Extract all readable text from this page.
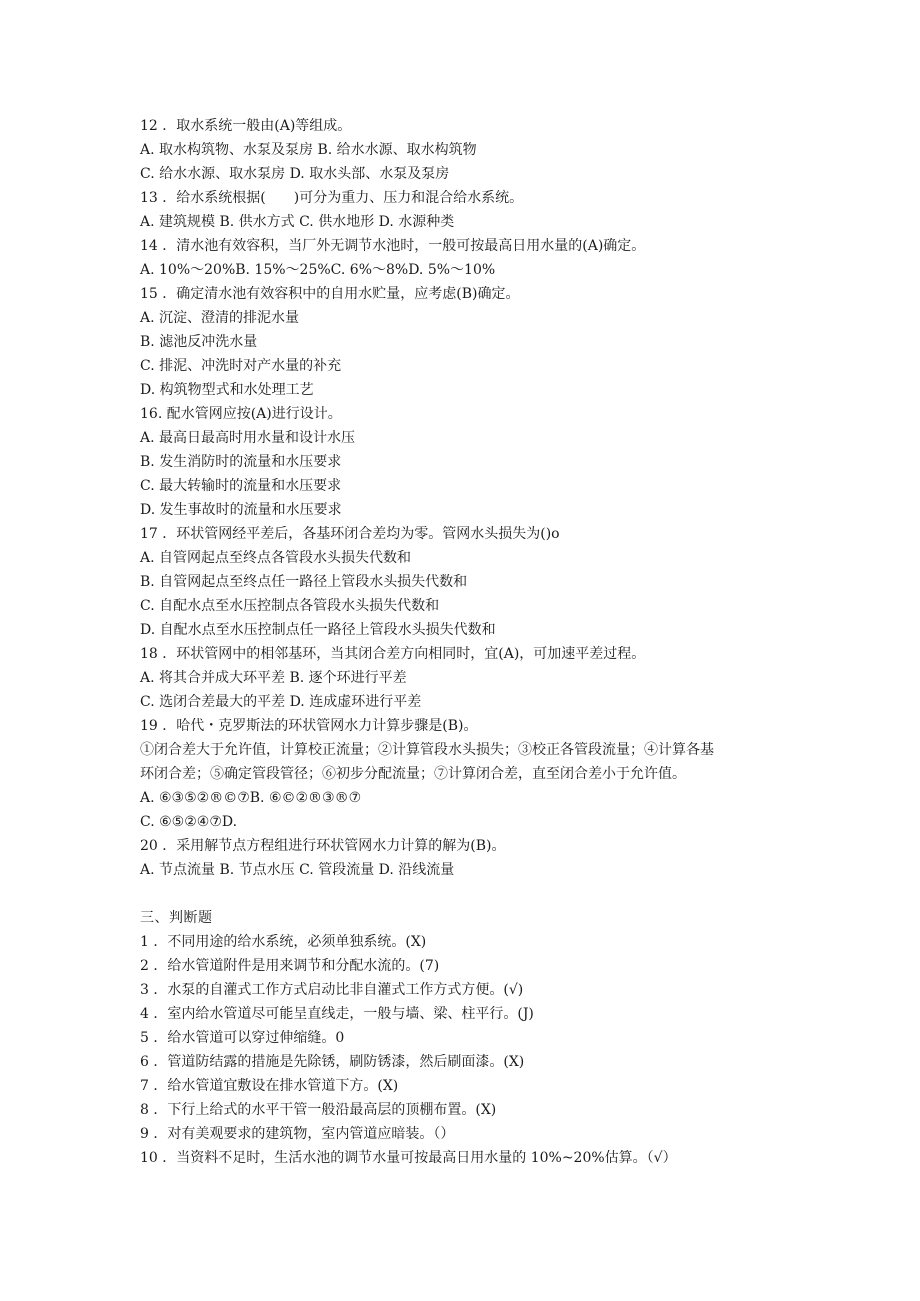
12 ．取水系统一般由(A)等组成。
A. 取水构筑物、水泵及泵房 B. 给水水源、取水构筑物
C. 给水水源、取水泵房 D. 取水头部、水泵及泵房
13 ．给水系统根据(　　)可分为重力、压力和混合给水系统。
A. 建筑规模 B. 供水方式 C. 供水地形 D. 水源种类
14 ．清水池有效容积，当厂外无调节水池时，一般可按最高日用水量的(A)确定。
A. 10%～20%B. 15%～25%C. 6%～8%D. 5%～10%
15 ．确定清水池有效容积中的自用水贮量，应考虑(B)确定。
A. 沉淀、澄清的排泥水量
B. 滤池反冲洗水量
C. 排泥、冲洗时对产水量的补充
D. 构筑物型式和水处理工艺
16. 配水管网应按(A)进行设计。
A. 最高日最高时用水量和设计水压
B. 发生消防时的流量和水压要求
C. 最大转输时的流量和水压要求
D. 发生事故时的流量和水压要求
17 ．环状管网经平差后，各基环闭合差均为零。管网水头损失为()o
A. 自管网起点至终点各管段水头损失代数和
B. 自管网起点至终点任一路径上管段水头损失代数和
C. 自配水点至水压控制点各管段水头损失代数和
D. 自配水点至水压控制点任一路径上管段水头损失代数和
18 ．环状管网中的相邻基环，当其闭合差方向相同时，宜(A)，可加速平差过程。
A. 将其合并成大环平差 B. 逐个环进行平差
C. 选闭合差最大的平差 D. 连成虚环进行平差
19 ．哈代・克罗斯法的环状管网水力计算步骤是(B)。
①闭合差大于允许值，计算校正流量；②计算管段水头损失；③校正各管段流量；④计算各基
环闭合差；⑤确定管段管径；⑥初步分配流量；⑦计算闭合差，直至闭合差小于允许值。
A. ⑥③⑤②®©⑦B. ⑥©②®③®⑦
C. ⑥⑤②④⑦D.
20 ．采用解节点方程组进行环状管网水力计算的解为(B)。
A. 节点流量 B. 节点水压 C. 管段流量 D. 沿线流量
三、判断题
1 ．不同用途的给水系统，必须单独系统。(X)
2 ．给水管道附件是用来调节和分配水流的。(7)
3 ．水泵的自灌式工作方式启动比非自灌式工作方式方便。(√)
4 ．室内给水管道尽可能呈直线走，一般与墙、梁、柱平行。(J)
5 ．给水管道可以穿过伸缩缝。0
6 ．管道防结露的措施是先除锈，刷防锈漆，然后刷面漆。(X)
7 ．给水管道宜敷设在排水管道下方。(X)
8 ．下行上给式的水平干管一般沿最高层的顶棚布置。(X)
9 ．对有美观要求的建筑物，室内管道应暗装。（）
10 ．当资料不足时，生活水池的调节水量可按最高日用水量的 10%~20%估算。（√）
